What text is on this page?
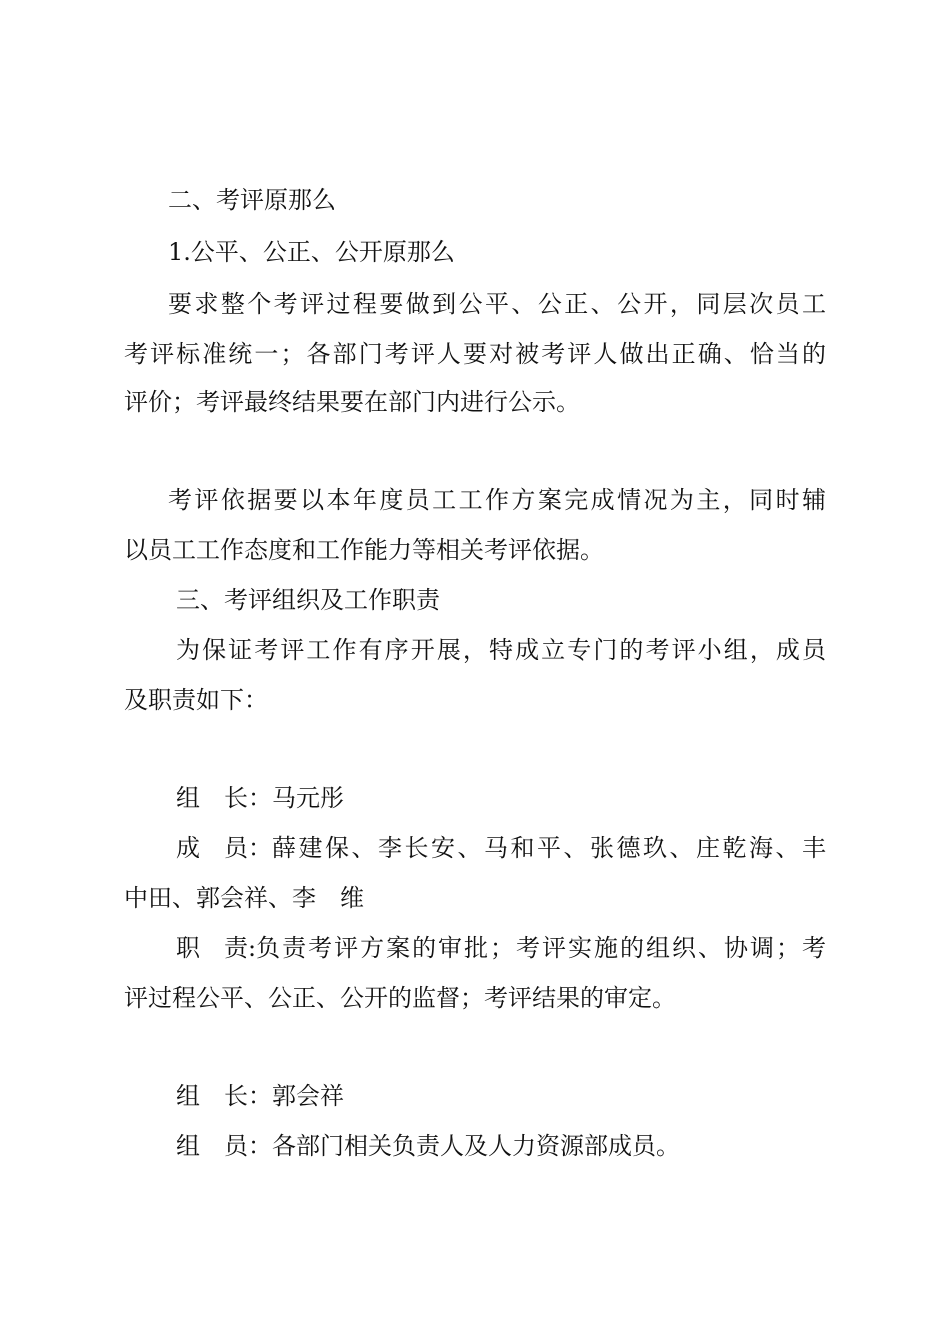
二、考评原那么
1.公平、公正、公开原那么
要求整个考评过程要做到公平、公正、公开，同层次员工
考评标准统一；各部门考评人要对被考评人做出正确、恰当的
评价；考评最终结果要在部门内进行公示。
考评依据要以本年度员工工作方案完成情况为主，同时辅
以员工工作态度和工作能力等相关考评依据。
三、考评组织及工作职责
为保证考评工作有序开展，特成立专门的考评小组，成员
及职责如下：
组　长：马元彤
成　员： 薛建保、李长安、马和平、张德玖、庄乾海、丰
中田、郭会祥、李　维
职　责: 负责考评方案的审批；考评实施的组织、协调；考
评过程公平、公正、公开的监督；考评结果的审定。
组　长：郭会祥
组　员：各部门相关负责人及人力资源部成员。
